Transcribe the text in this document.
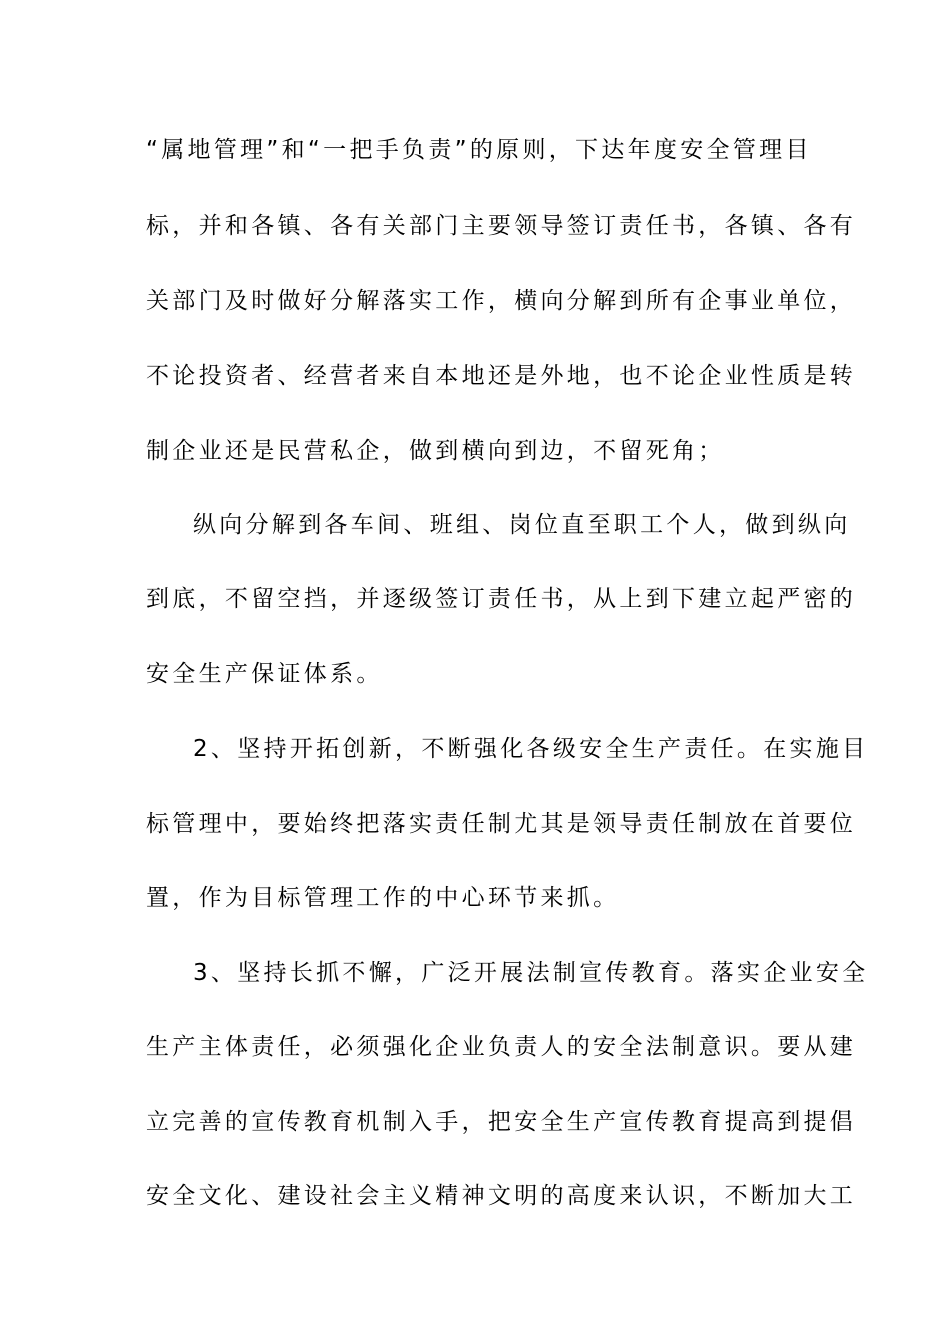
“属地管理”和“一把手负责”的原则，下达年度安全管理目
标，并和各镇、各有关部门主要领导签订责任书，各镇、各有
关部门及时做好分解落实工作，横向分解到所有企事业单位，
不论投资者、经营者来自本地还是外地，也不论企业性质是转
制企业还是民营私企，做到横向到边，不留死角；
纵向分解到各车间、班组、岗位直至职工个人，做到纵向
到底，不留空挡，并逐级签订责任书，从上到下建立起严密的
安全生产保证体系。
2、坚持开拓创新，不断强化各级安全生产责任。在实施目
标管理中，要始终把落实责任制尤其是领导责任制放在首要位
置，作为目标管理工作的中心环节来抓。
3、坚持长抓不懈，广泛开展法制宣传教育。落实企业安全
生产主体责任，必须强化企业负责人的安全法制意识。要从建
立完善的宣传教育机制入手，把安全生产宣传教育提高到提倡
安全文化、建设社会主义精神文明的高度来认识，不断加大工
